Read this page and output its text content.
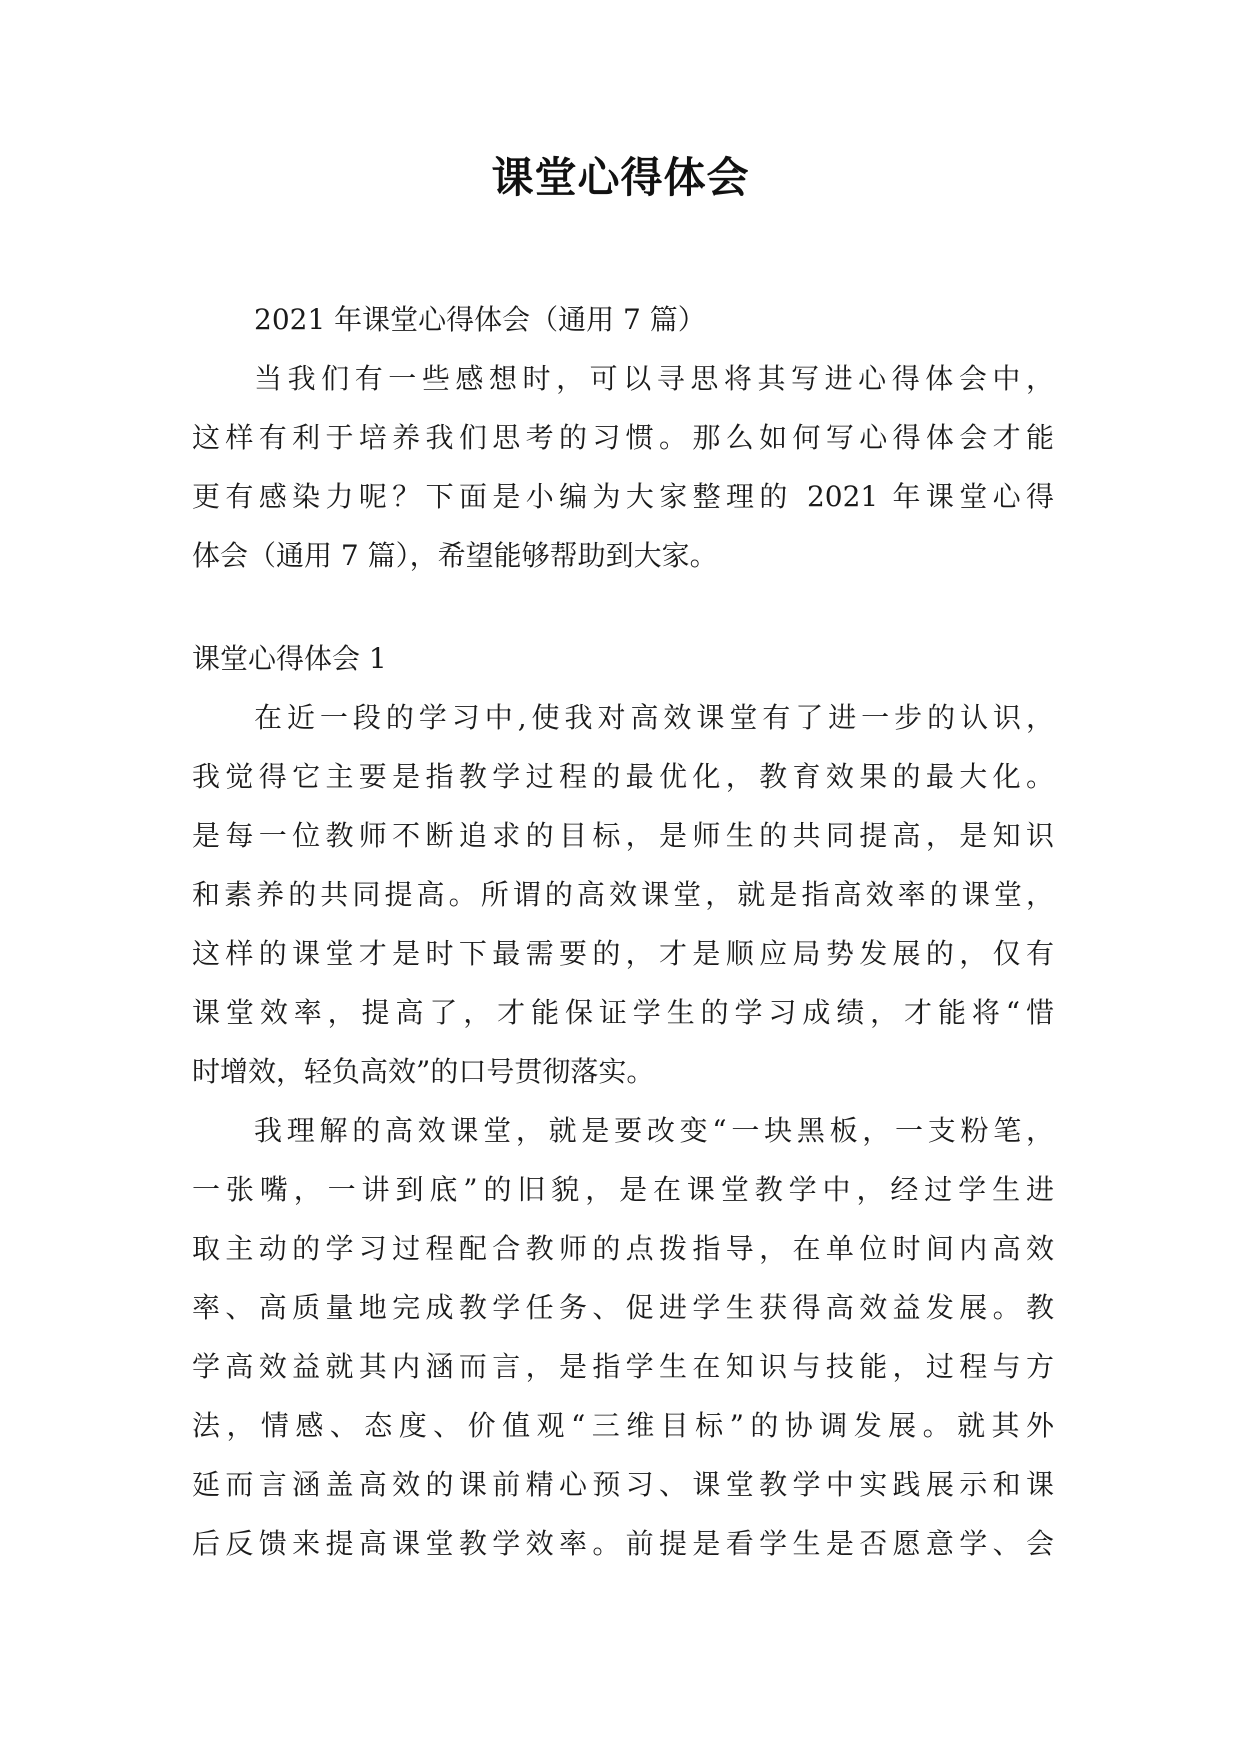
课堂心得体会

2021 年课堂心得体会（通用 7 篇）

当我们有一些感想时，可以寻思将其写进心得体会中，

这样有利于培养我们思考的习惯。那么如何写心得体会才能

更有感染力呢？下面是小编为大家整理的 2021 年课堂心得

体会（通用 7 篇），希望能够帮助到大家。

课堂心得体会 1

在近一段的学习中,使我对高效课堂有了进一步的认识，

我觉得它主要是指教学过程的最优化，教育效果的最大化。

是每一位教师不断追求的目标，是师生的共同提高，是知识

和素养的共同提高。所谓的高效课堂，就是指高效率的课堂，

这样的课堂才是时下最需要的，才是顺应局势发展的，仅有

课堂效率，提高了，才能保证学生的学习成绩，才能将“惜

时增效，轻负高效”的口号贯彻落实。

我理解的高效课堂，就是要改变“一块黑板，一支粉笔，

一张嘴，一讲到底”的旧貌，是在课堂教学中，经过学生进

取主动的学习过程配合教师的点拨指导，在单位时间内高效

率、高质量地完成教学任务、促进学生获得高效益发展。教

学高效益就其内涵而言，是指学生在知识与技能，过程与方

法，情感、态度、价值观“三维目标”的协调发展。就其外

延而言涵盖高效的课前精心预习、课堂教学中实践展示和课

后反馈来提高课堂教学效率。前提是看学生是否愿意学、会
